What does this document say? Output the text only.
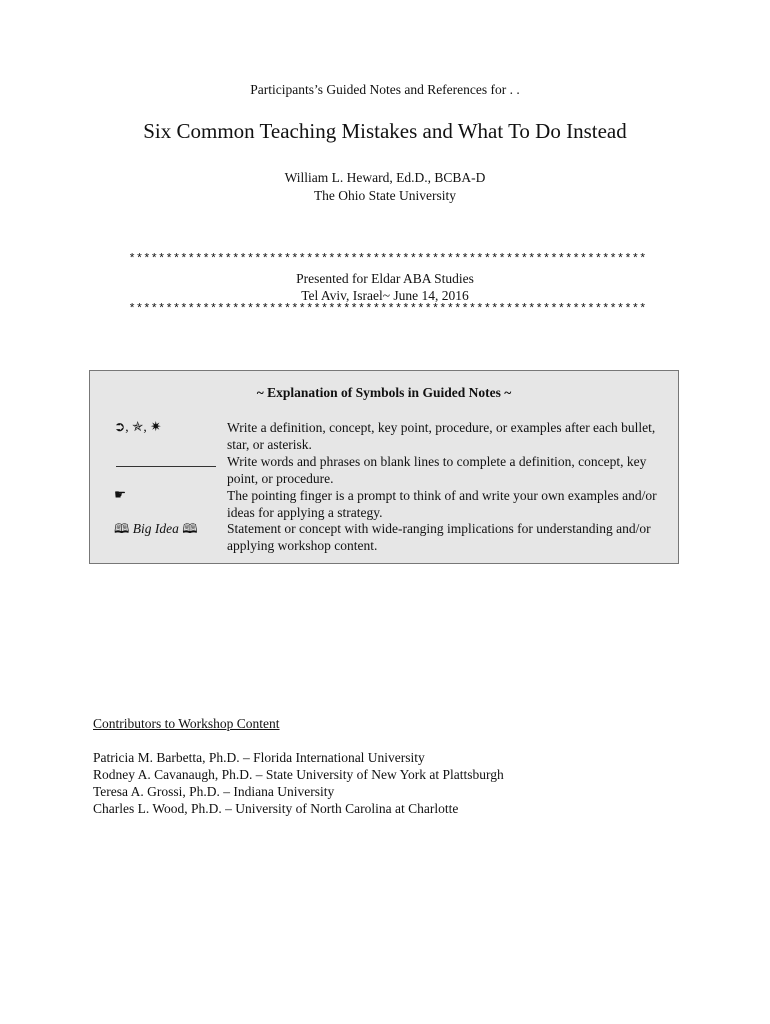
Participants’s Guided Notes and References for . .
Six Common Teaching Mistakes and What To Do Instead
William L. Heward, Ed.D., BCBA-D
The Ohio State University
**********************************************************************
Presented for Eldar ABA Studies
Tel Aviv, Israel~ June 14, 2016
**********************************************************************
~ Explanation of Symbols in Guided Notes ~
➲, ✯, ✷	Write a definition, concept, key point, procedure, or examples after each bullet, star, or asterisk.
Write words and phrases on blank lines to complete a definition, concept, key point, or procedure.
☛	The pointing finger is a prompt to think of and write your own examples and/or ideas for applying a strategy.
🕮 Big Idea 🕮 Statement or concept with wide-ranging implications for understanding and/or applying workshop content.
Contributors to Workshop Content
Patricia M. Barbetta, Ph.D. – Florida International University
Rodney A. Cavanaugh, Ph.D. – State University of New York at Plattsburgh
Teresa A. Grossi, Ph.D. – Indiana University
Charles L. Wood, Ph.D. – University of North Carolina at Charlotte
